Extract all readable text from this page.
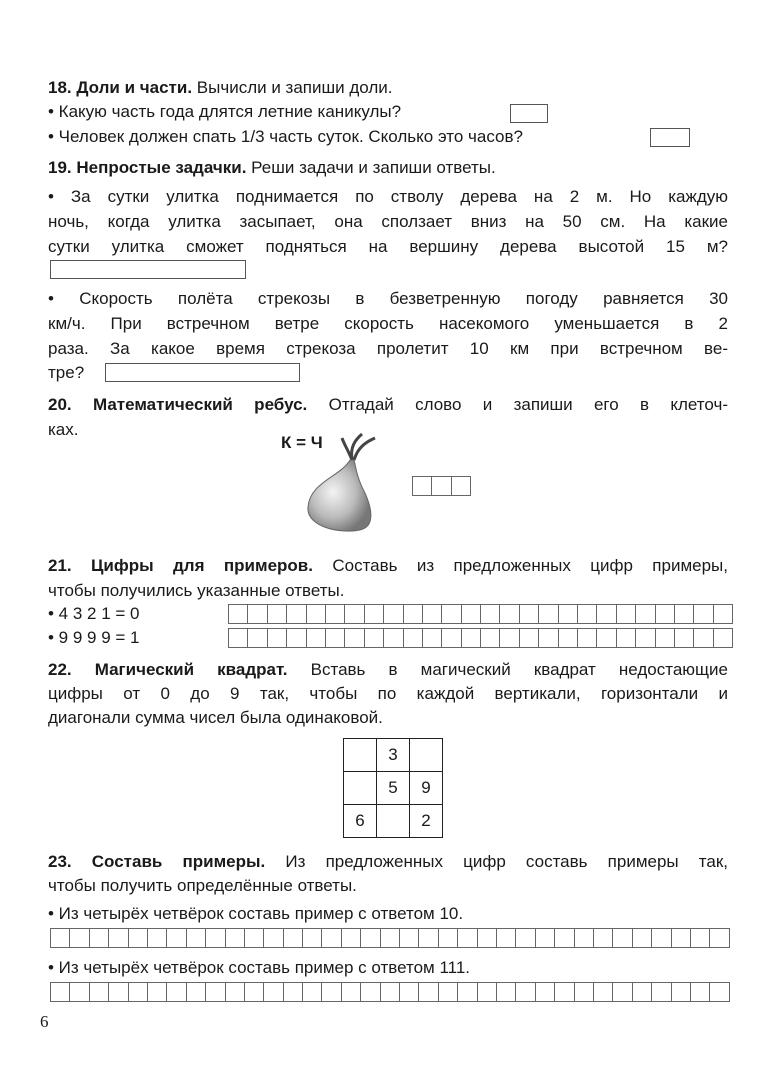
18. Доли и части. Вычисли и запиши доли.
• Какую часть года длятся летние каникулы?
• Человек должен спать 1/3 часть суток. Сколько это часов?
19. Непростые задачки. Реши задачи и запиши ответы.
• За сутки улитка поднимается по стволу дерева на 2 м. Но каждую
ночь, когда улитка засыпает, она сползает вниз на 50 см. На какие
сутки улитка сможет подняться на вершину дерева высотой 15 м?
• Скорость полёта стрекозы в безветренную погоду равняется 30
км/ч. При встречном ветре скорость насекомого уменьшается в 2
раза. За какое время стрекоза пролетит 10 км при встречном ве-
тре?
20. Математический ребус. Отгадай слово и запиши его в клеточ-
ках.
К = Ч
21. Цифры для примеров. Составь из предложенных цифр примеры,
чтобы получились указанные ответы.
• 4 3 2 1 = 0
• 9 9 9 9 = 1
22. Магический квадрат. Вставь в магический квадрат недостающие
цифры от 0 до 9 так, чтобы по каждой вертикали, горизонтали и
диагонали сумма чисел была одинаковой.
3
5	9
6	2
23. Составь примеры. Из предложенных цифр составь примеры так,
чтобы получить определённые ответы.
• Из четырёх четвёрок составь пример с ответом 10.
• Из четырёх четвёрок составь пример с ответом 111.
6
